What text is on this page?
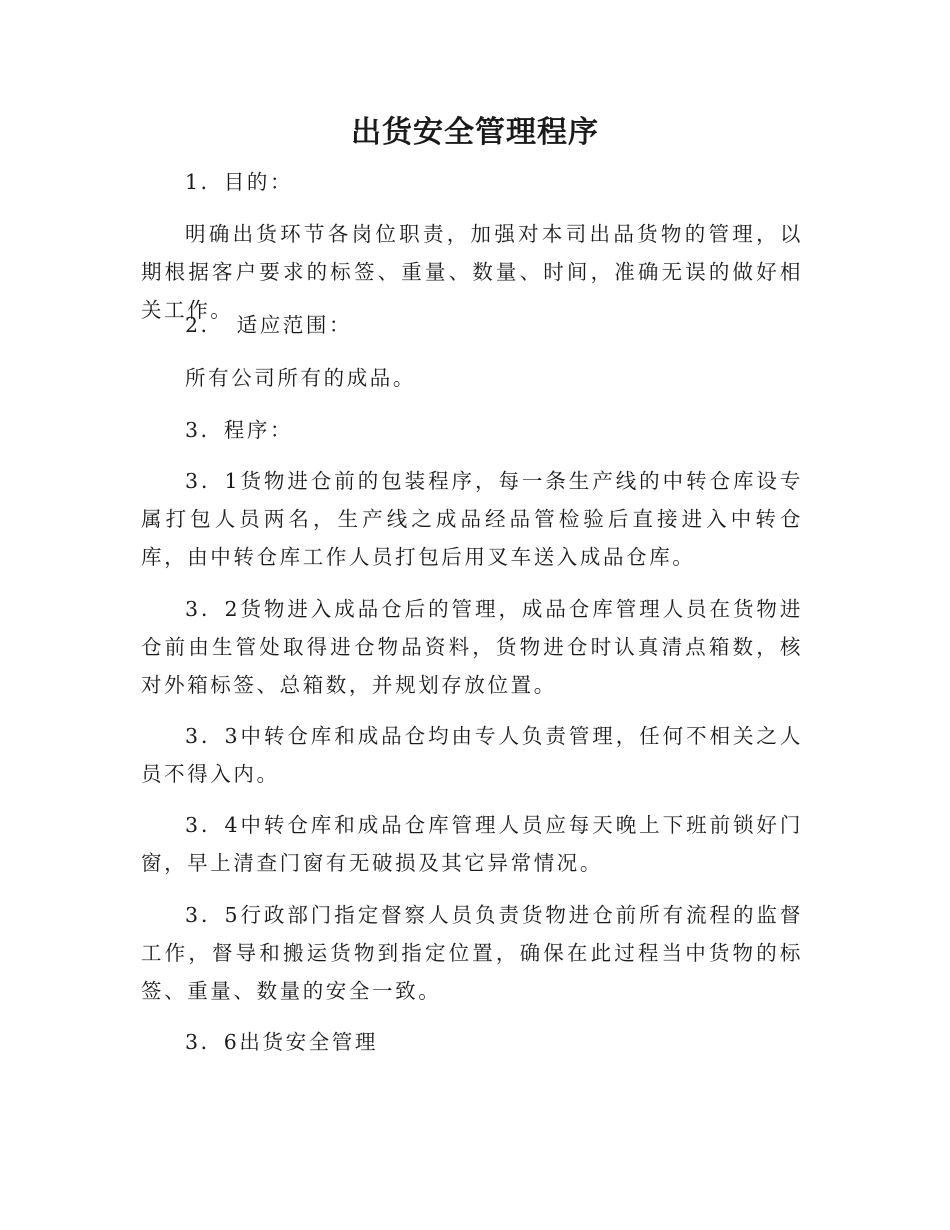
出货安全管理程序

1．目的：

明确出货环节各岗位职责，加强对本司出品货物的管理，以期根据客户要求的标签、重量、数量、时间，准确无误的做好相关工作。

2．　适应范围：

所有公司所有的成品。

3．程序：

3．1货物进仓前的包装程序，每一条生产线的中转仓库设专属打包人员两名，生产线之成品经品管检验后直接进入中转仓库，由中转仓库工作人员打包后用叉车送入成品仓库。

3．2货物进入成品仓后的管理，成品仓库管理人员在货物进仓前由生管处取得进仓物品资料，货物进仓时认真清点箱数，核对外箱标签、总箱数，并规划存放位置。

3．3中转仓库和成品仓均由专人负责管理，任何不相关之人员不得入内。

3．4中转仓库和成品仓库管理人员应每天晚上下班前锁好门窗，早上清查门窗有无破损及其它异常情况。

3．5行政部门指定督察人员负责货物进仓前所有流程的监督工作，督导和搬运货物到指定位置，确保在此过程当中货物的标签、重量、数量的安全一致。

3．6出货安全管理
